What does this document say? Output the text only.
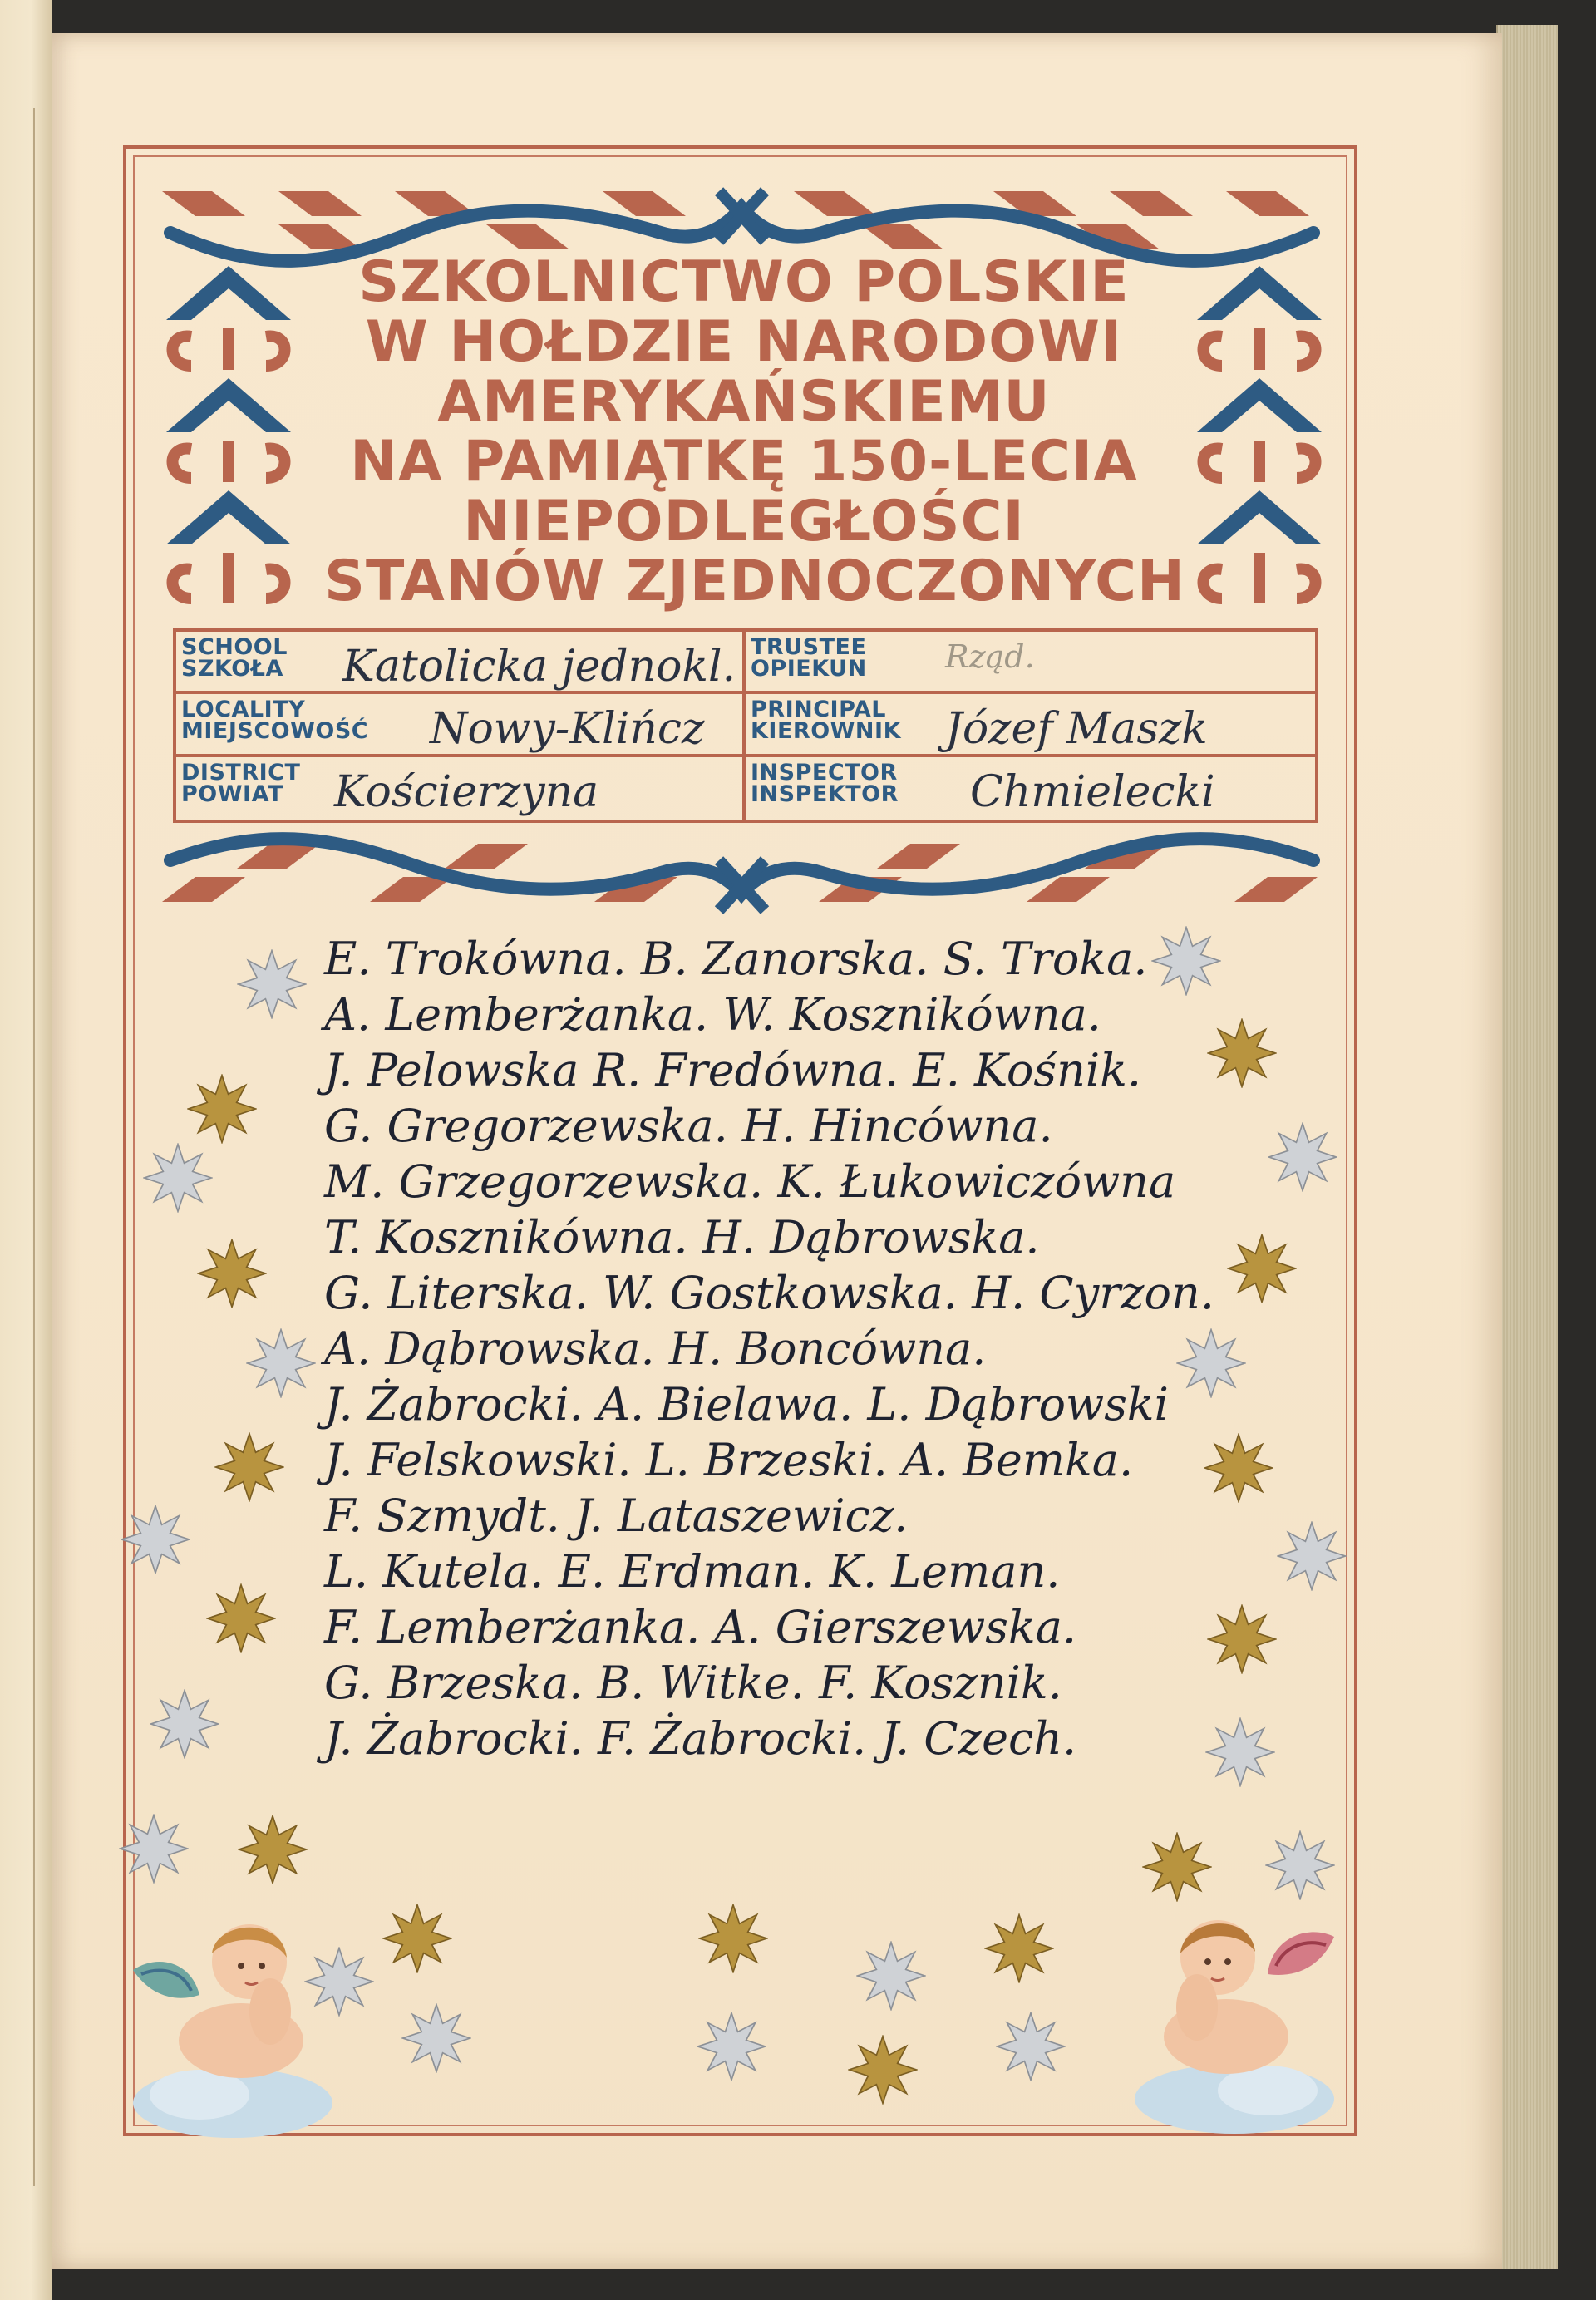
SZKOLNICTWO POLSKIE
W HOŁDZIE NARODOWI
AMERYKAŃSKIEMU
NA PAMIĄTKĘ 150-LECIA
NIEPODLEGŁOŚCI
STANÓW ZJEDNOCZONYCH
SCHOOL
SZKOŁA Katolicka jednokl. TRUSTEE
OPIEKUN Rząd.
LOCALITY
MIEJSCOWOŚĆ Nowy-Klińcz PRINCIPAL
KIEROWNIK Józef Maszk
DISTRICT
POWIAT	Kościerzyna	INSPECTOR
INSPEKTOR Chmielecki
E. Trokówna. B. Zanorska. S. Troka.
A. Lemberżanka. W. Kosznikówna.
J. Pelowska R. Fredówna. E. Kośnik.
G. Gregorzewska. H. Hincówna.
M. Grzegorzewska. K. Łukowiczówna
T. Kosznikówna. H. Dąbrowska.
G. Literska. W. Gostkowska. H. Cyrzon.
A. Dąbrowska. H. Boncówna.
J. Żabrocki. A. Bielawa. L. Dąbrowski
J. Felskowski. L. Brzeski. A. Bemka.
F. Szmydt. J. Lataszewicz.
L. Kutela. E. Erdman. K. Leman.
F. Lemberżanka. A. Gierszewska.
G. Brzeska. B. Witke. F. Kosznik.
J. Żabrocki. F. Żabrocki. J. Czech.
